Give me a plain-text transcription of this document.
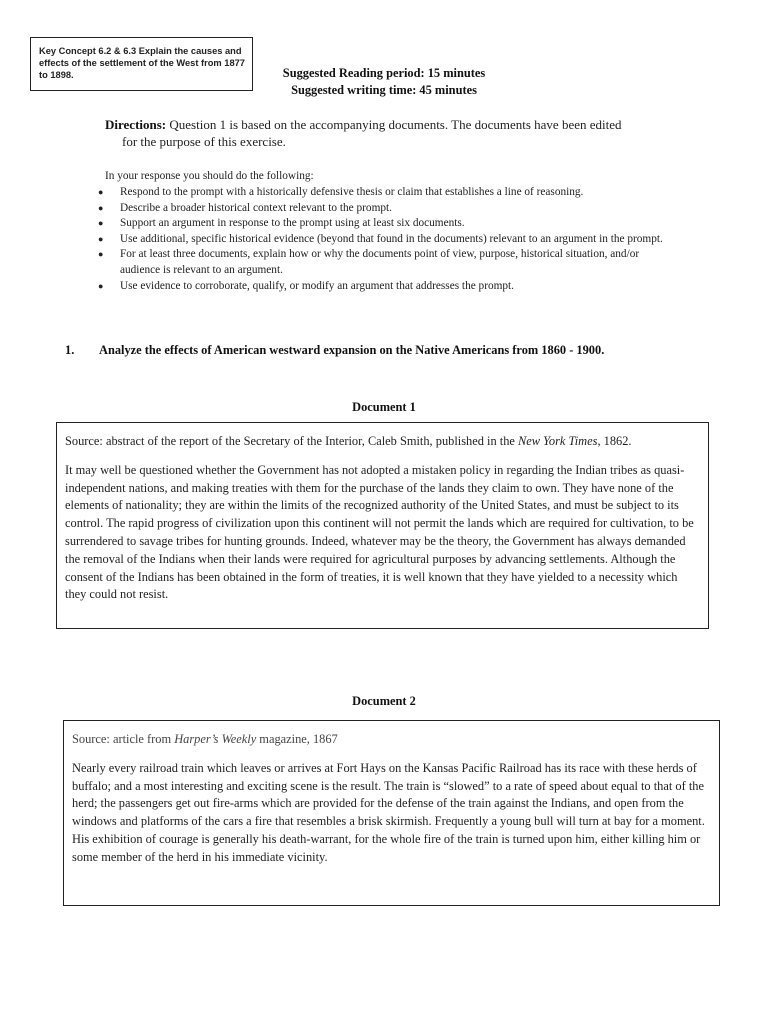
Key Concept 6.2 & 6.3 Explain the causes and effects of the settlement of the West from 1877 to 1898.	Suggested Reading period: 15 minutes
Suggested writing time: 45 minutes
Directions: Question 1 is based on the accompanying documents. The documents have been edited
for the purpose of this exercise.
In your response you should do the following:
● Respond to the prompt with a historically defensive thesis or claim that establishes a line of reasoning.
● Describe a broader historical context relevant to the prompt.
● Support an argument in response to the prompt using at least six documents.
● Use additional, specific historical evidence (beyond that found in the documents) relevant to an argument in the prompt.
● For at least three documents, explain how or why the documents point of view, purpose, historical situation, and/or audience is relevant to an argument.
● Use evidence to corroborate, qualify, or modify an argument that addresses the prompt.
1. Analyze the effects of American westward expansion on the Native Americans from 1860 - 1900.
Document 1

Source: abstract of the report of the Secretary of the Interior, Caleb Smith, published in the New York Times, 1862.

It may well be questioned whether the Government has not adopted a mistaken policy in regarding the Indian tribes as quasi-independent nations, and making treaties with them for the purchase of the lands they claim to own. They have none of the elements of nationality; they are within the limits of the recognized authority of the United States, and must be subject to its control. The rapid progress of civilization upon this continent will not permit the lands which are required for cultivation, to be surrendered to savage tribes for hunting grounds. Indeed, whatever may be the theory, the Government has always demanded the removal of the Indians when their lands were required for agricultural purposes by advancing settlements. Although the consent of the Indians has been obtained in the form of treaties, it is well known that they have yielded to a necessity which they could not resist.

Document 2

Source: article from Harper’s Weekly magazine, 1867

Nearly every railroad train which leaves or arrives at Fort Hays on the Kansas Pacific Railroad has its race with these herds of buffalo; and a most interesting and exciting scene is the result. The train is “slowed” to a rate of speed about equal to that of the herd; the passengers get out fire-arms which are provided for the defense of the train against the Indians, and open from the windows and platforms of the cars a fire that resembles a brisk skirmish. Frequently a young bull will turn at bay for a moment. His exhibition of courage is generally his death-warrant, for the whole fire of the train is turned upon him, either killing him or some member of the herd in his immediate vicinity.
